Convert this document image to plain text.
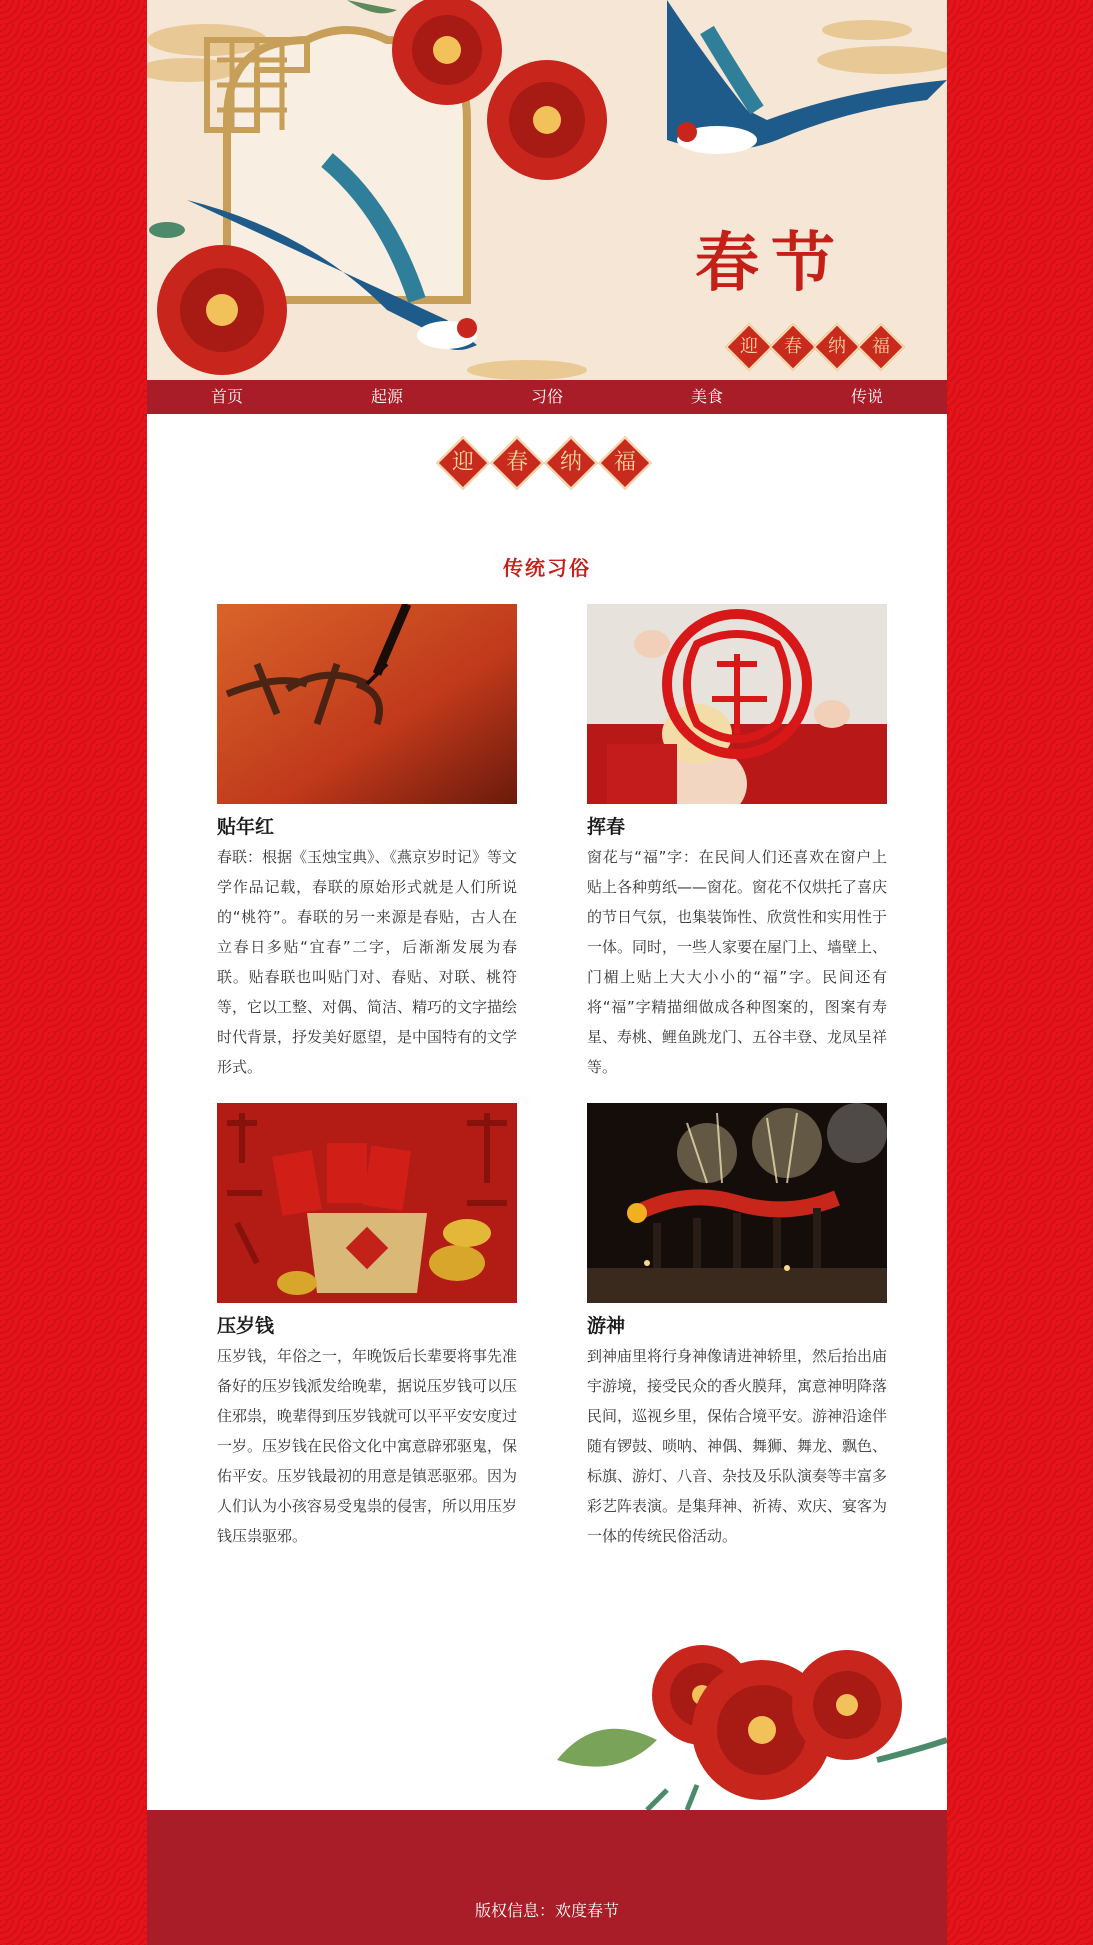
春节
迎	春	纳	福
首页	起源	习俗	美食	传说
迎	春	纳	福
传统习俗
贴年红
春联：根据《玉烛宝典》、《燕京岁时记》等文学作品记载，春联的原始形式就是人们所说的“桃符”。春联的另一来源是春贴，古人在立春日多贴“宜春”二字，后渐渐发展为春联。贴春联也叫贴门对、春贴、对联、桃符等，它以工整、对偶、简洁、精巧的文字描绘时代背景，抒发美好愿望，是中国特有的文学形式。
挥春
窗花与“福”字：在民间人们还喜欢在窗户上贴上各种剪纸——窗花。窗花不仅烘托了喜庆的节日气氛，也集装饰性、欣赏性和实用性于一体。同时，一些人家要在屋门上、墙壁上、门楣上贴上大大小小的“福”字。民间还有将“福”字精描细做成各种图案的，图案有寿星、寿桃、鲤鱼跳龙门、五谷丰登、龙凤呈祥等。
压岁钱
压岁钱，年俗之一，年晚饭后长辈要将事先准备好的压岁钱派发给晚辈，据说压岁钱可以压住邪祟，晚辈得到压岁钱就可以平平安安度过一岁。压岁钱在民俗文化中寓意辟邪驱鬼，保佑平安。压岁钱最初的用意是镇恶驱邪。因为人们认为小孩容易受鬼祟的侵害，所以用压岁钱压祟驱邪。
游神
到神庙里将行身神像请进神轿里，然后抬出庙宇游境，接受民众的香火膜拜，寓意神明降落民间，巡视乡里，保佑合境平安。游神沿途伴随有锣鼓、唢呐、神偶、舞狮、舞龙、飘色、标旗、游灯、八音、杂技及乐队演奏等丰富多彩艺阵表演。是集拜神、祈祷、欢庆、宴客为一体的传统民俗活动。
版权信息：欢度春节
